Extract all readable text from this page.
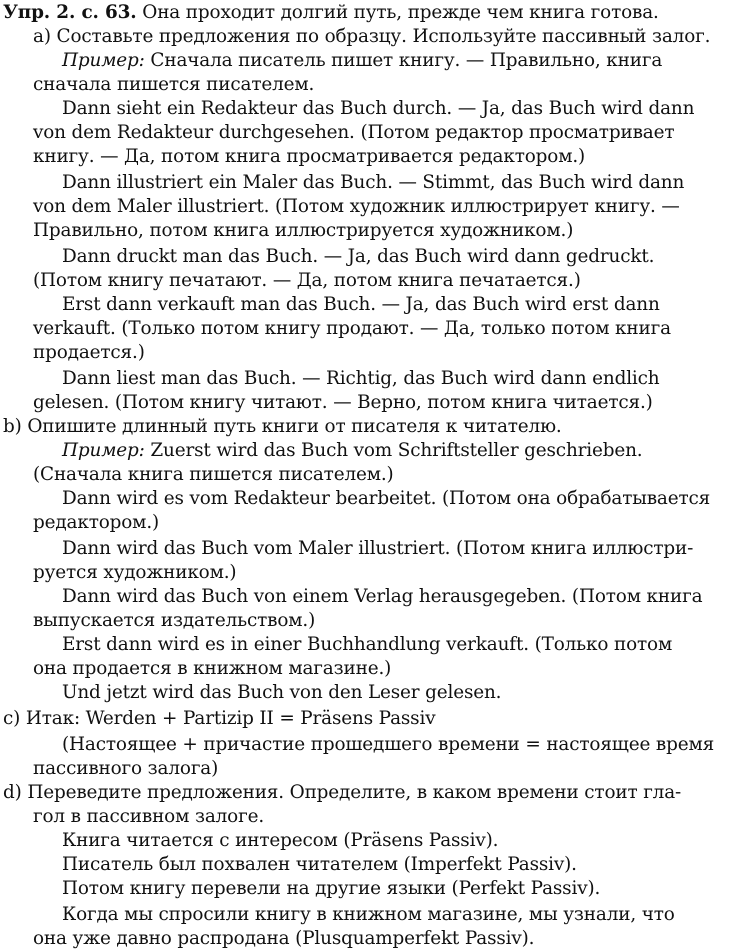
Упр. 2. с. 63. Она проходит долгий путь, прежде чем книга готова.
а) Составьте предложения по образцу. Используйте пассивный залог.
Пример: Сначала писатель пишет книгу. — Правильно, книга
сначала пишется писателем.
Dann sieht ein Redakteur das Buch durch. — Ja, das Buch wird dann
von dem Redakteur durchgesehen. (Потом редактор просматривает
книгу. — Да, потом книга просматривается редактором.)
Dann illustriert ein Maler das Buch. — Stimmt, das Buch wird dann
von dem Maler illustriert. (Потом художник иллюстрирует книгу. —
Правильно, потом книга иллюстрируется художником.)
Dann druckt man das Buch. — Ja, das Buch wird dann gedruckt.
(Потом книгу печатают. — Да, потом книга печатается.)
Erst dann verkauft man das Buch. — Ja, das Buch wird erst dann
verkauft. (Только потом книгу продают. — Да, только потом книга
продается.)
Dann liest man das Buch. — Richtig, das Buch wird dann endlich
gelesen. (Потом книгу читают. — Верно, потом книга читается.)
b) Опишите длинный путь книги от писателя к читателю.
Пример: Zuerst wird das Buch vom Schriftsteller geschrieben.
(Сначала книга пишется писателем.)
Dann wird es vom Redakteur bearbeitet. (Потом она обрабатывается
редактором.)
Dann wird das Buch vom Maler illustriert. (Потом книга иллюстри-
руется художником.)
Dann wird das Buch von einem Verlag herausgegeben. (Потом книга
выпускается издательством.)
Erst dann wird es in einer Buchhandlung verkauft. (Только потом
она продается в книжном магазине.)
Und jetzt wird das Buch von den Leser gelesen.
c) Итак: Werden + Partizip II = Präsens Passiv
(Настоящее + причастие прошедшего времени = настоящее время
пассивного залога)
d) Переведите предложения. Определите, в каком времени стоит гла-
гол в пассивном залоге.
Книга читается с интересом (Präsens Passiv).
Писатель был похвален читателем (Imperfekt Passiv).
Потом книгу перевели на другие языки (Perfekt Passiv).
Когда мы спросили книгу в книжном магазине, мы узнали, что
она уже давно распродана (Plusquamperfekt Passiv).
